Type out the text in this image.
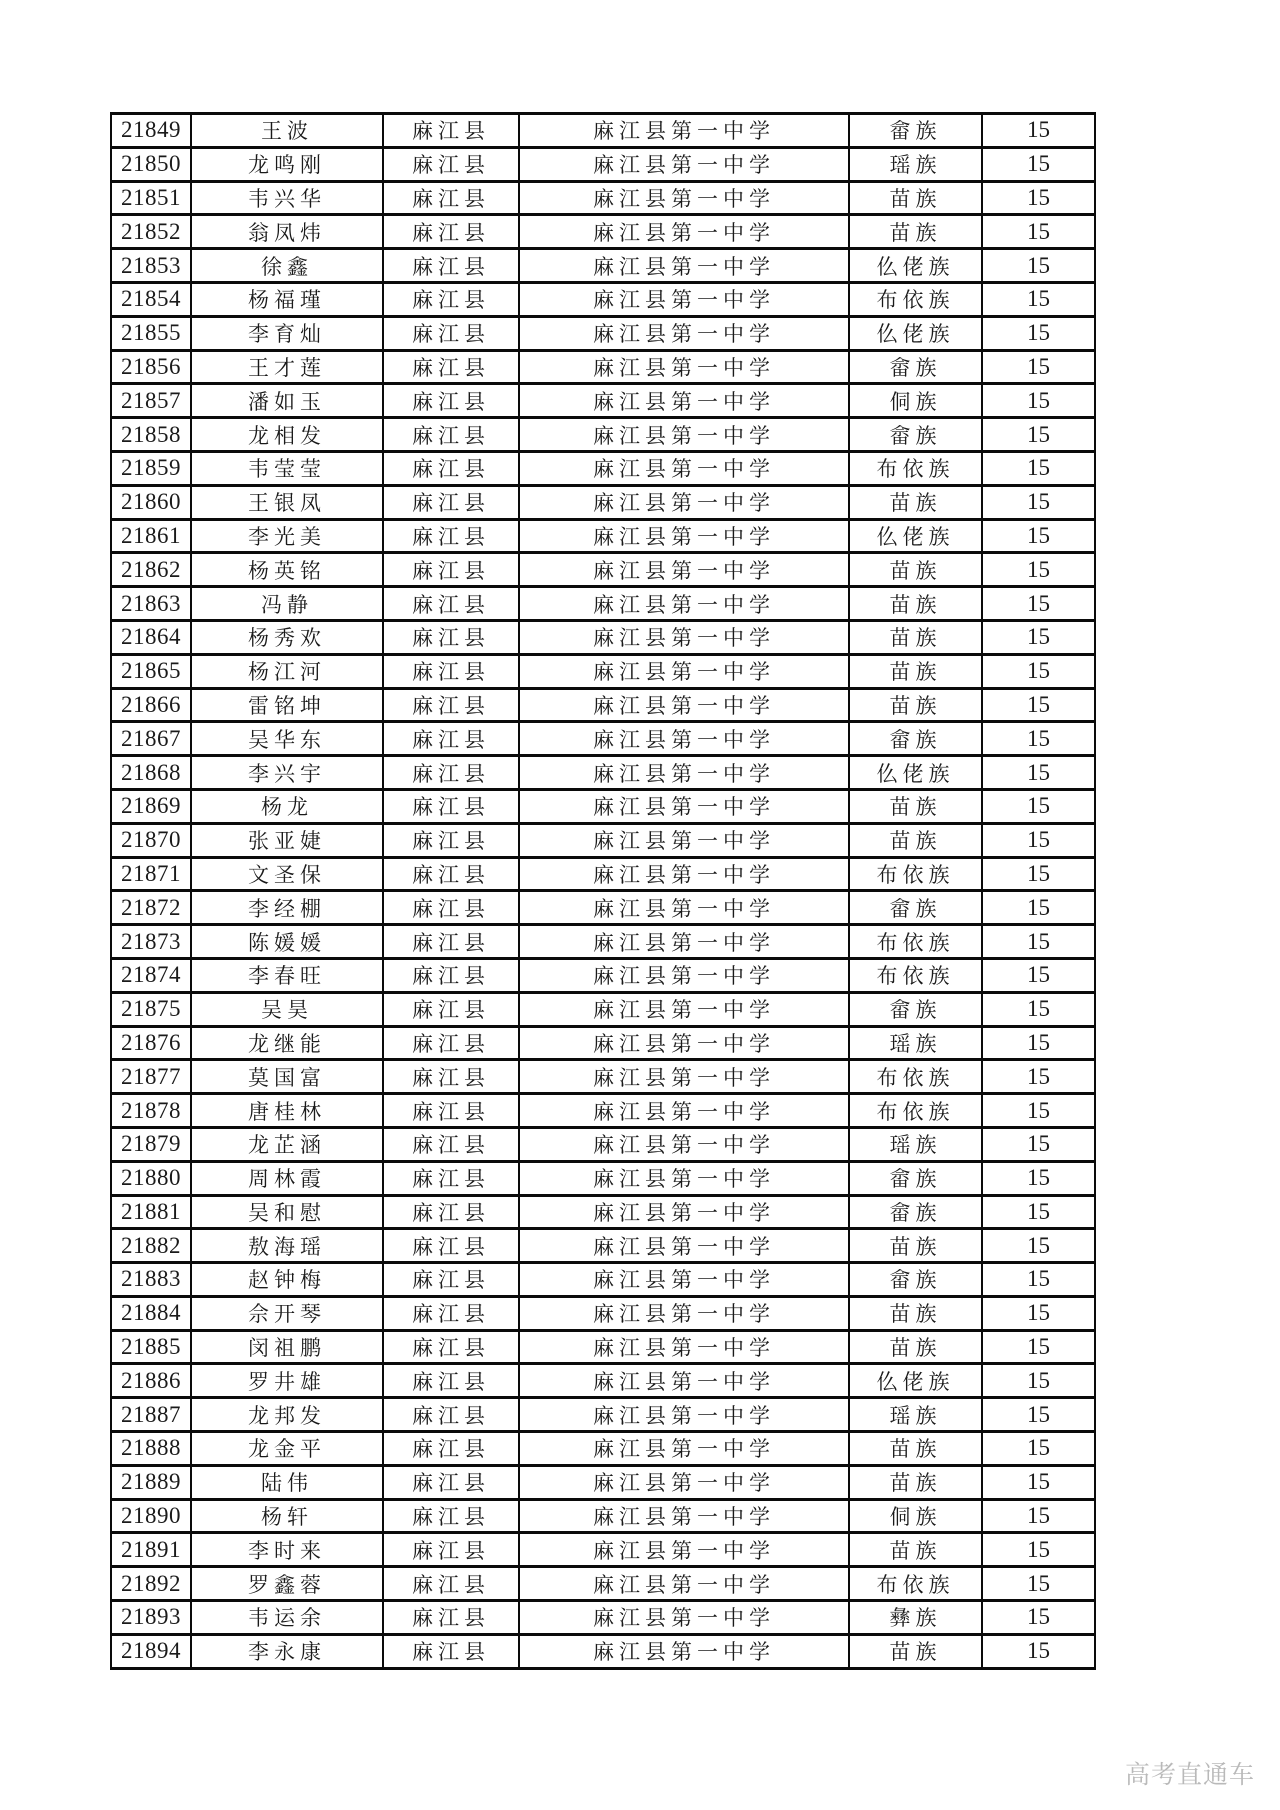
21849	王波	麻江县	麻江县第一中学	畲族	15
21850	龙鸣刚	麻江县	麻江县第一中学	瑶族	15
21851	韦兴华	麻江县	麻江县第一中学	苗族	15
21852	翁凤炜	麻江县	麻江县第一中学	苗族	15
21853	徐鑫	麻江县	麻江县第一中学	仫佬族	15
21854	杨福瑾	麻江县	麻江县第一中学	布依族	15
21855	李育灿	麻江县	麻江县第一中学	仫佬族	15
21856	王才莲	麻江县	麻江县第一中学	畲族	15
21857	潘如玉	麻江县	麻江县第一中学	侗族	15
21858	龙相发	麻江县	麻江县第一中学	畲族	15
21859	韦莹莹	麻江县	麻江县第一中学	布依族	15
21860	王银凤	麻江县	麻江县第一中学	苗族	15
21861	李光美	麻江县	麻江县第一中学	仫佬族	15
21862	杨英铭	麻江县	麻江县第一中学	苗族	15
21863	冯静	麻江县	麻江县第一中学	苗族	15
21864	杨秀欢	麻江县	麻江县第一中学	苗族	15
21865	杨江河	麻江县	麻江县第一中学	苗族	15
21866	雷铭坤	麻江县	麻江县第一中学	苗族	15
21867	吴华东	麻江县	麻江县第一中学	畲族	15
21868	李兴宇	麻江县	麻江县第一中学	仫佬族	15
21869	杨龙	麻江县	麻江县第一中学	苗族	15
21870	张亚婕	麻江县	麻江县第一中学	苗族	15
21871	文圣保	麻江县	麻江县第一中学	布依族	15
21872	李经棚	麻江县	麻江县第一中学	畲族	15
21873	陈媛媛	麻江县	麻江县第一中学	布依族	15
21874	李春旺	麻江县	麻江县第一中学	布依族	15
21875	吴昊	麻江县	麻江县第一中学	畲族	15
21876	龙继能	麻江县	麻江县第一中学	瑶族	15
21877	莫国富	麻江县	麻江县第一中学	布依族	15
21878	唐桂林	麻江县	麻江县第一中学	布依族	15
21879	龙芷涵	麻江县	麻江县第一中学	瑶族	15
21880	周林霞	麻江县	麻江县第一中学	畲族	15
21881	吴和慰	麻江县	麻江县第一中学	畲族	15
21882	敖海瑶	麻江县	麻江县第一中学	苗族	15
21883	赵钟梅	麻江县	麻江县第一中学	畲族	15
21884	佘开琴	麻江县	麻江县第一中学	苗族	15
21885	闵祖鹏	麻江县	麻江县第一中学	苗族	15
21886	罗井雄	麻江县	麻江县第一中学	仫佬族	15
21887	龙邦发	麻江县	麻江县第一中学	瑶族	15
21888	龙金平	麻江县	麻江县第一中学	苗族	15
21889	陆伟	麻江县	麻江县第一中学	苗族	15
21890	杨轩	麻江县	麻江县第一中学	侗族	15
21891	李时来	麻江县	麻江县第一中学	苗族	15
21892	罗鑫蓉	麻江县	麻江县第一中学	布依族	15
21893	韦运余	麻江县	麻江县第一中学	彝族	15
21894	李永康	麻江县	麻江县第一中学	苗族	15
高考直通车
